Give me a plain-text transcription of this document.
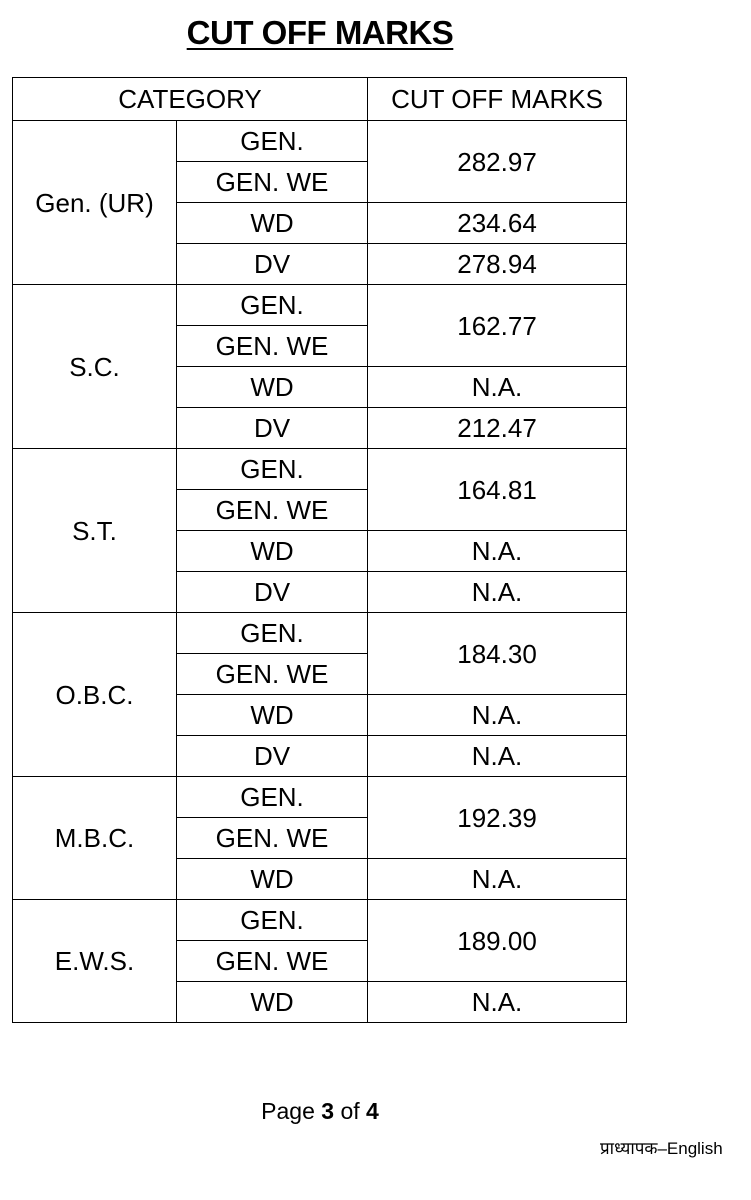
CUT OFF MARKS
CATEGORY		CUT OFF MARKS
Gen. (UR)	GEN.	282.97
	GEN. WE	
	WD	234.64
	DV	278.94
S.C.	GEN.	162.77
	GEN. WE	
	WD	N.A.
	DV	212.47
S.T.	GEN.	164.81
	GEN. WE	
	WD	N.A.
	DV	N.A.
O.B.C.	GEN.	184.30
	GEN. WE	
	WD	N.A.
	DV	N.A.
M.B.C.	GEN.	192.39
	GEN. WE	
	WD	N.A.
E.W.S.	GEN.	189.00
	GEN. WE	
	WD	N.A.
Page 3 of 4
प्राध्यापक–English
